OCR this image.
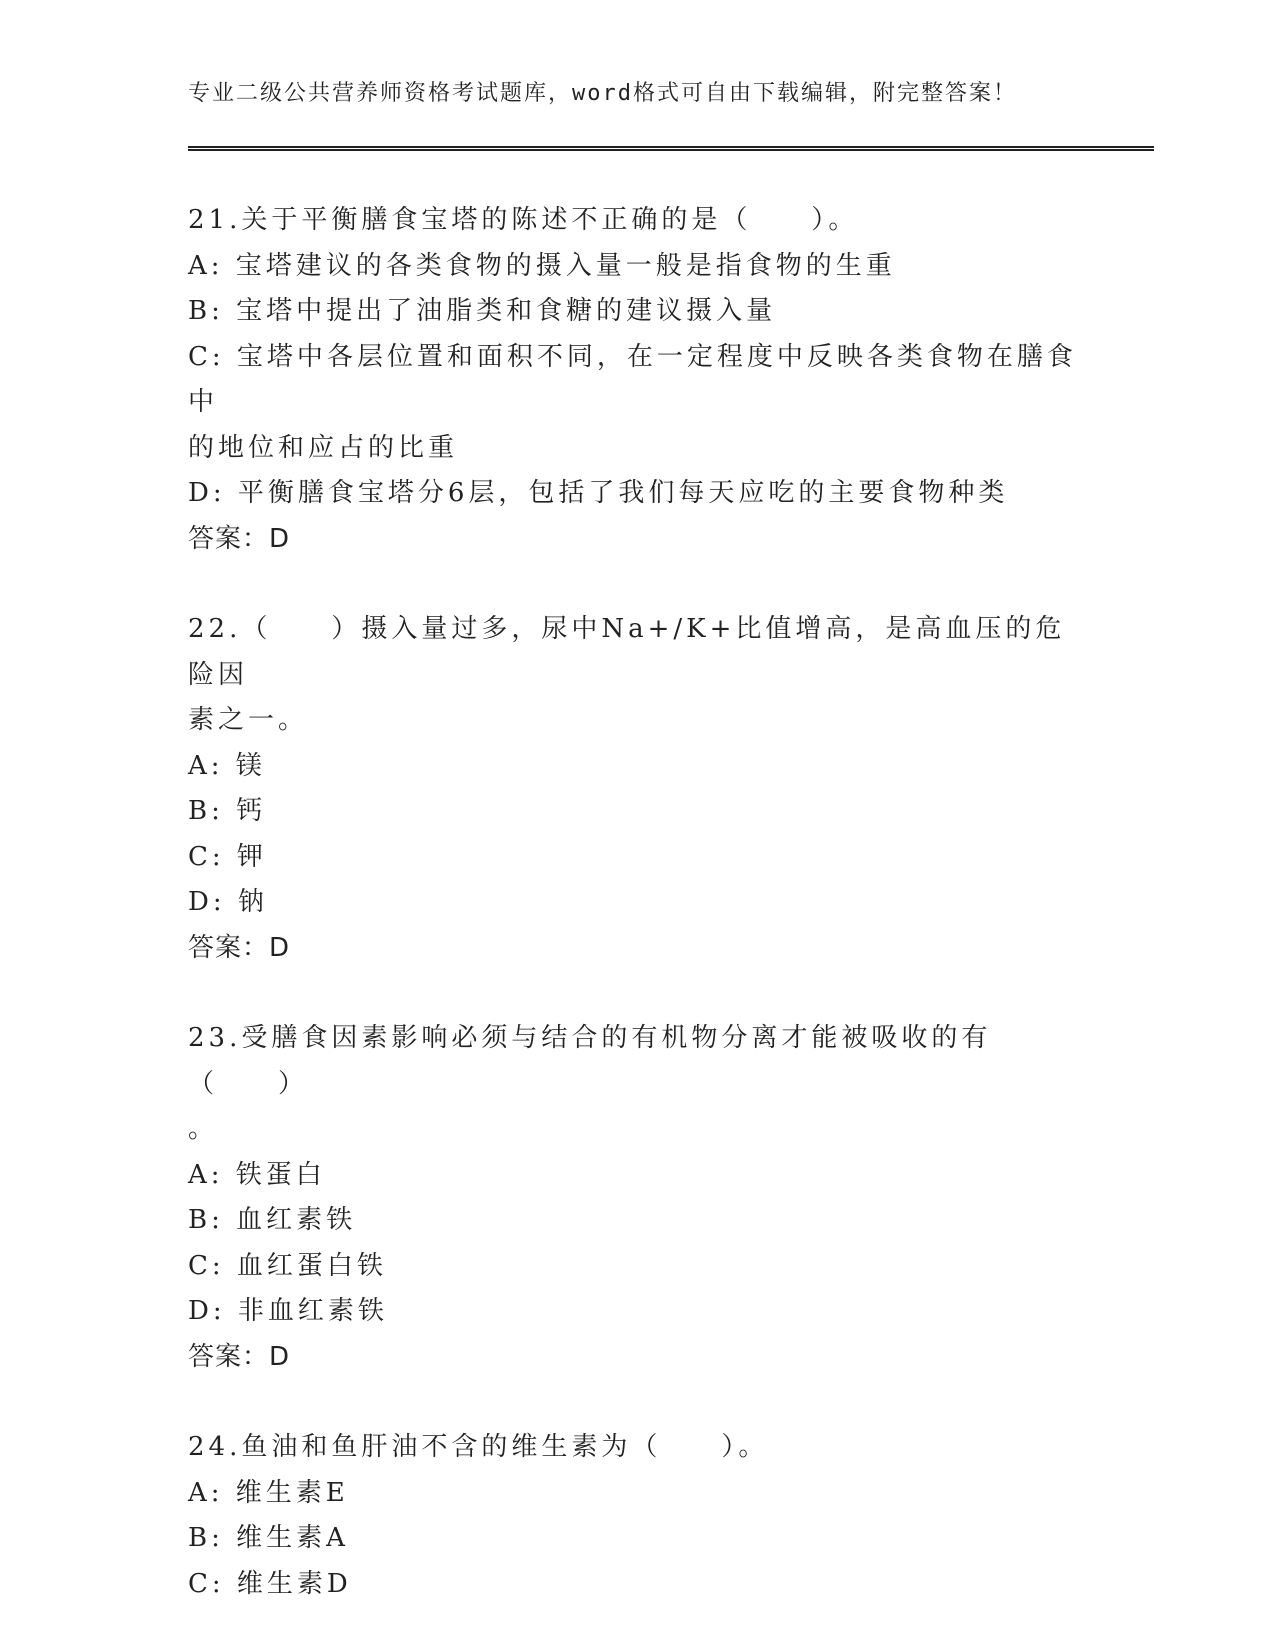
专业二级公共营养师资格考试题库，word格式可自由下载编辑，附完整答案！
21.关于平衡膳食宝塔的陈述不正确的是（　　）。
A: 宝塔建议的各类食物的摄入量一般是指食物的生重
B: 宝塔中提出了油脂类和食糖的建议摄入量
C: 宝塔中各层位置和面积不同，在一定程度中反映各类食物在膳食中
的地位和应占的比重
D: 平衡膳食宝塔分6层，包括了我们每天应吃的主要食物种类
答案：D
22.（　　）摄入量过多，尿中Na+/K+比值增高，是高血压的危险因
素之一。
A: 镁
B: 钙
C: 钾
D: 钠
答案：D
23.受膳食因素影响必须与结合的有机物分离才能被吸收的有（　　）
。
A: 铁蛋白
B: 血红素铁
C: 血红蛋白铁
D: 非血红素铁
答案：D
24.鱼油和鱼肝油不含的维生素为（　　）。
A: 维生素E
B: 维生素A
C: 维生素D
